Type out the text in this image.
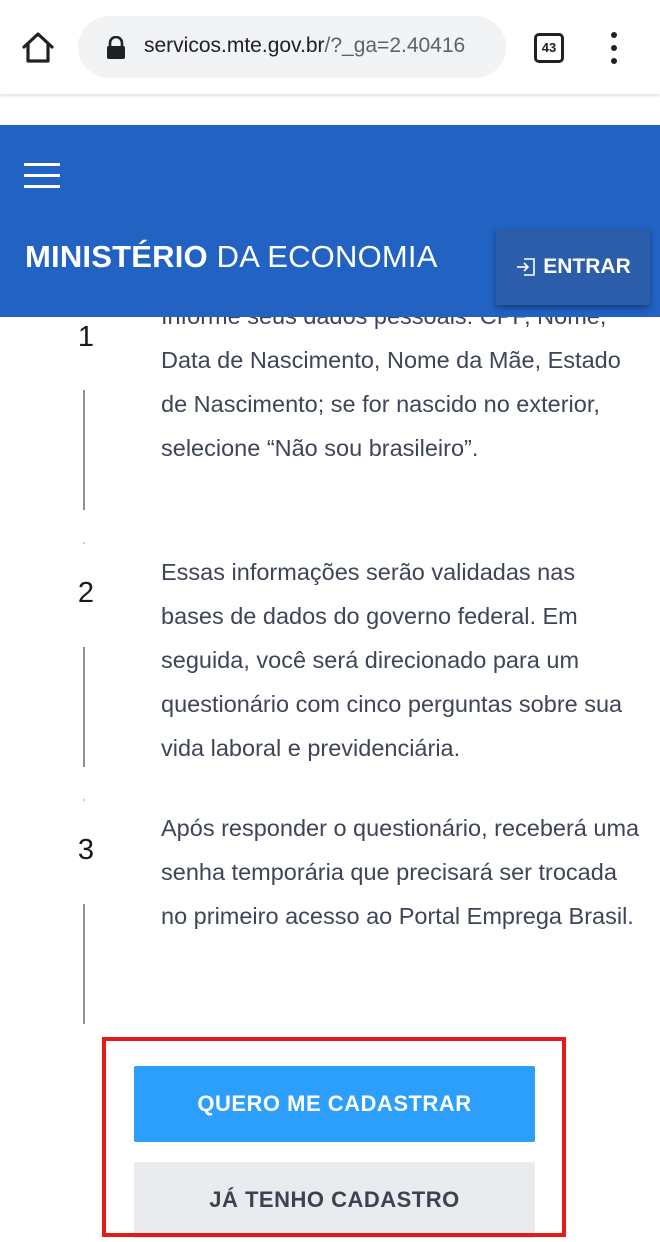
servicos.mte.gov.br/?_ga=2.40416	43
MINISTÉRIO DA ECONOMIA	ENTRAR
1
Data de Nascimento, Nome da Mãe, Estado de Nascimento; se for nascido no exterior, selecione “Não sou brasileiro”.
2
Essas informações serão validadas nas bases de dados do governo federal. Em seguida, você será direcionado para um questionário com cinco perguntas sobre sua vida laboral e previdenciária.
3
Após responder o questionário, receberá uma senha temporária que precisará ser trocada no primeiro acesso ao Portal Emprega Brasil.
QUERO ME CADASTRAR
JÁ TENHO CADASTRO
